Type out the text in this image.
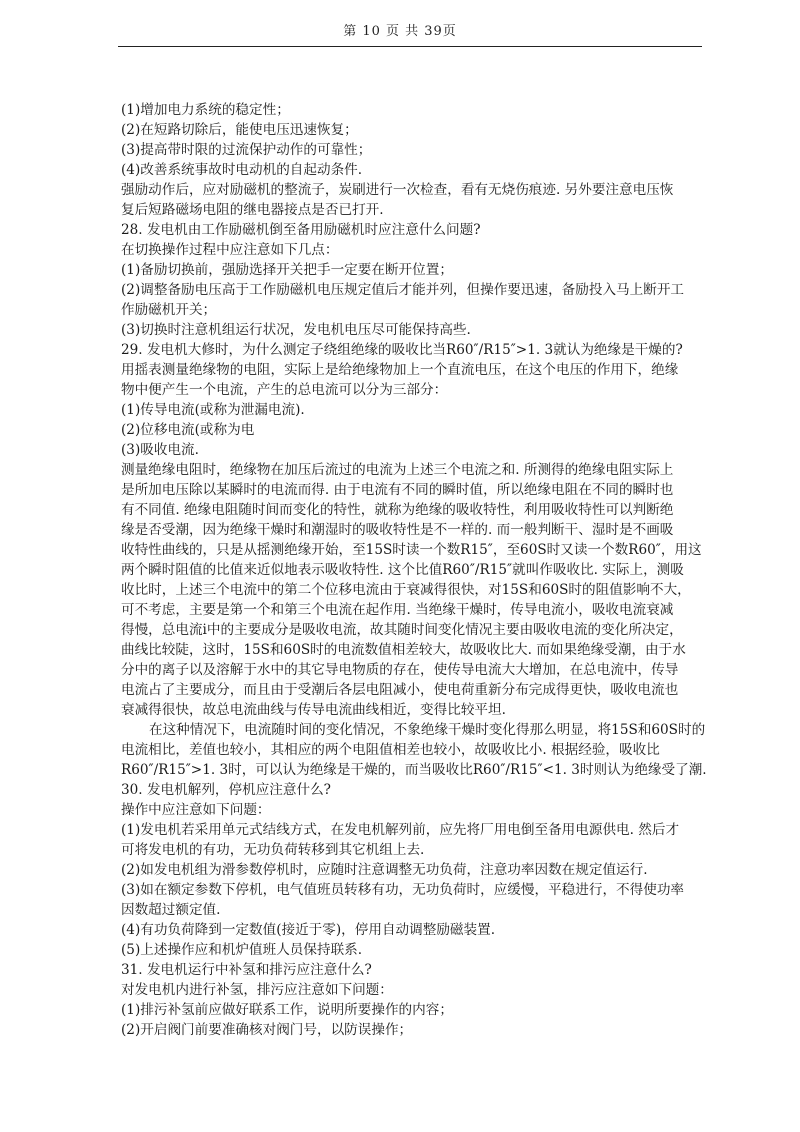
第 10 页 共 39页
(1)增加电力系统的稳定性；
(2)在短路切除后，能使电压迅速恢复；
(3)提高带时限的过流保护动作的可靠性；
(4)改善系统事故时电动机的自起动条件.
强励动作后，应对励磁机的整流子，炭刷进行一次检查，看有无烧伤痕迹. 另外要注意电压恢
复后短路磁场电阻的继电器接点是否已打开.
28. 发电机由工作励磁机倒至备用励磁机时应注意什么问题?
在切换操作过程中应注意如下几点：
(1)备励切换前，强励选择开关把手一定要在断开位置；
(2)调整备励电压高于工作励磁机电压规定值后才能并列，但操作要迅速，备励投入马上断开工
作励磁机开关；
(3)切换时注意机组运行状况，发电机电压尽可能保持高些.
29. 发电机大修时，为什么测定子绕组绝缘的吸收比当R60″/R15″>1. 3就认为绝缘是干燥的?
用摇表测量绝缘物的电阻，实际上是给绝缘物加上一个直流电压，在这个电压的作用下，绝缘
物中便产生一个电流，产生的总电流可以分为三部分：
(1)传导电流(或称为泄漏电流).
(2)位移电流(或称为电
(3)吸收电流.
测量绝缘电阻时，绝缘物在加压后流过的电流为上述三个电流之和. 所测得的绝缘电阻实际上
是所加电压除以某瞬时的电流而得. 由于电流有不同的瞬时值，所以绝缘电阻在不同的瞬时也
有不同值. 绝缘电阻随时间而变化的特性，就称为绝缘的吸收特性，利用吸收特性可以判断绝
缘是否受潮，因为绝缘干燥时和潮湿时的吸收特性是不一样的. 而一般判断干、湿时是不画吸
收特性曲线的，只是从摇测绝缘开始，至15S时读一个数R15″，至60S时又读一个数R60″，用这
两个瞬时阻值的比值来近似地表示吸收特性. 这个比值R60″/R15″就叫作吸收比. 实际上，测吸
收比时，上述三个电流中的第二个位移电流由于衰减得很快，对15S和60S时的阻值影响不大，
可不考虑，主要是第一个和第三个电流在起作用. 当绝缘干燥时，传导电流小，吸收电流衰减
得慢，总电流i中的主要成分是吸收电流，故其随时间变化情况主要由吸收电流的变化所决定，
曲线比较陡，这时，15S和60S时的电流数值相差较大，故吸收比大. 而如果绝缘受潮，由于水
分中的离子以及溶解于水中的其它导电物质的存在，使传导电流大大增加，在总电流中，传导
电流占了主要成分，而且由于受潮后各层电阻减小，使电荷重新分布完成得更快，吸收电流也
衰减得很快，故总电流曲线与传导电流曲线相近，变得比较平坦.
在这种情况下，电流随时间的变化情况，不象绝缘干燥时变化得那么明显，将15S和60S时的
电流相比，差值也较小，其相应的两个电阻值相差也较小，故吸收比小. 根据经验，吸收比
R60″/R15″>1. 3时，可以认为绝缘是干燥的，而当吸收比R60″/R15″<1. 3时则认为绝缘受了潮.
30. 发电机解列，停机应注意什么?
操作中应注意如下问题：
(1)发电机若采用单元式结线方式，在发电机解列前，应先将厂用电倒至备用电源供电. 然后才
可将发电机的有功，无功负荷转移到其它机组上去.
(2)如发电机组为滑参数停机时，应随时注意调整无功负荷，注意功率因数在规定值运行.
(3)如在额定参数下停机，电气值班员转移有功，无功负荷时，应缓慢，平稳进行，不得使功率
因数超过额定值.
(4)有功负荷降到一定数值(接近于零)，停用自动调整励磁装置.
(5)上述操作应和机炉值班人员保持联系.
31. 发电机运行中补氢和排污应注意什么?
对发电机内进行补氢，排污应注意如下问题：
(1)排污补氢前应做好联系工作，说明所要操作的内容；
(2)开启阀门前要准确核对阀门号，以防误操作；
